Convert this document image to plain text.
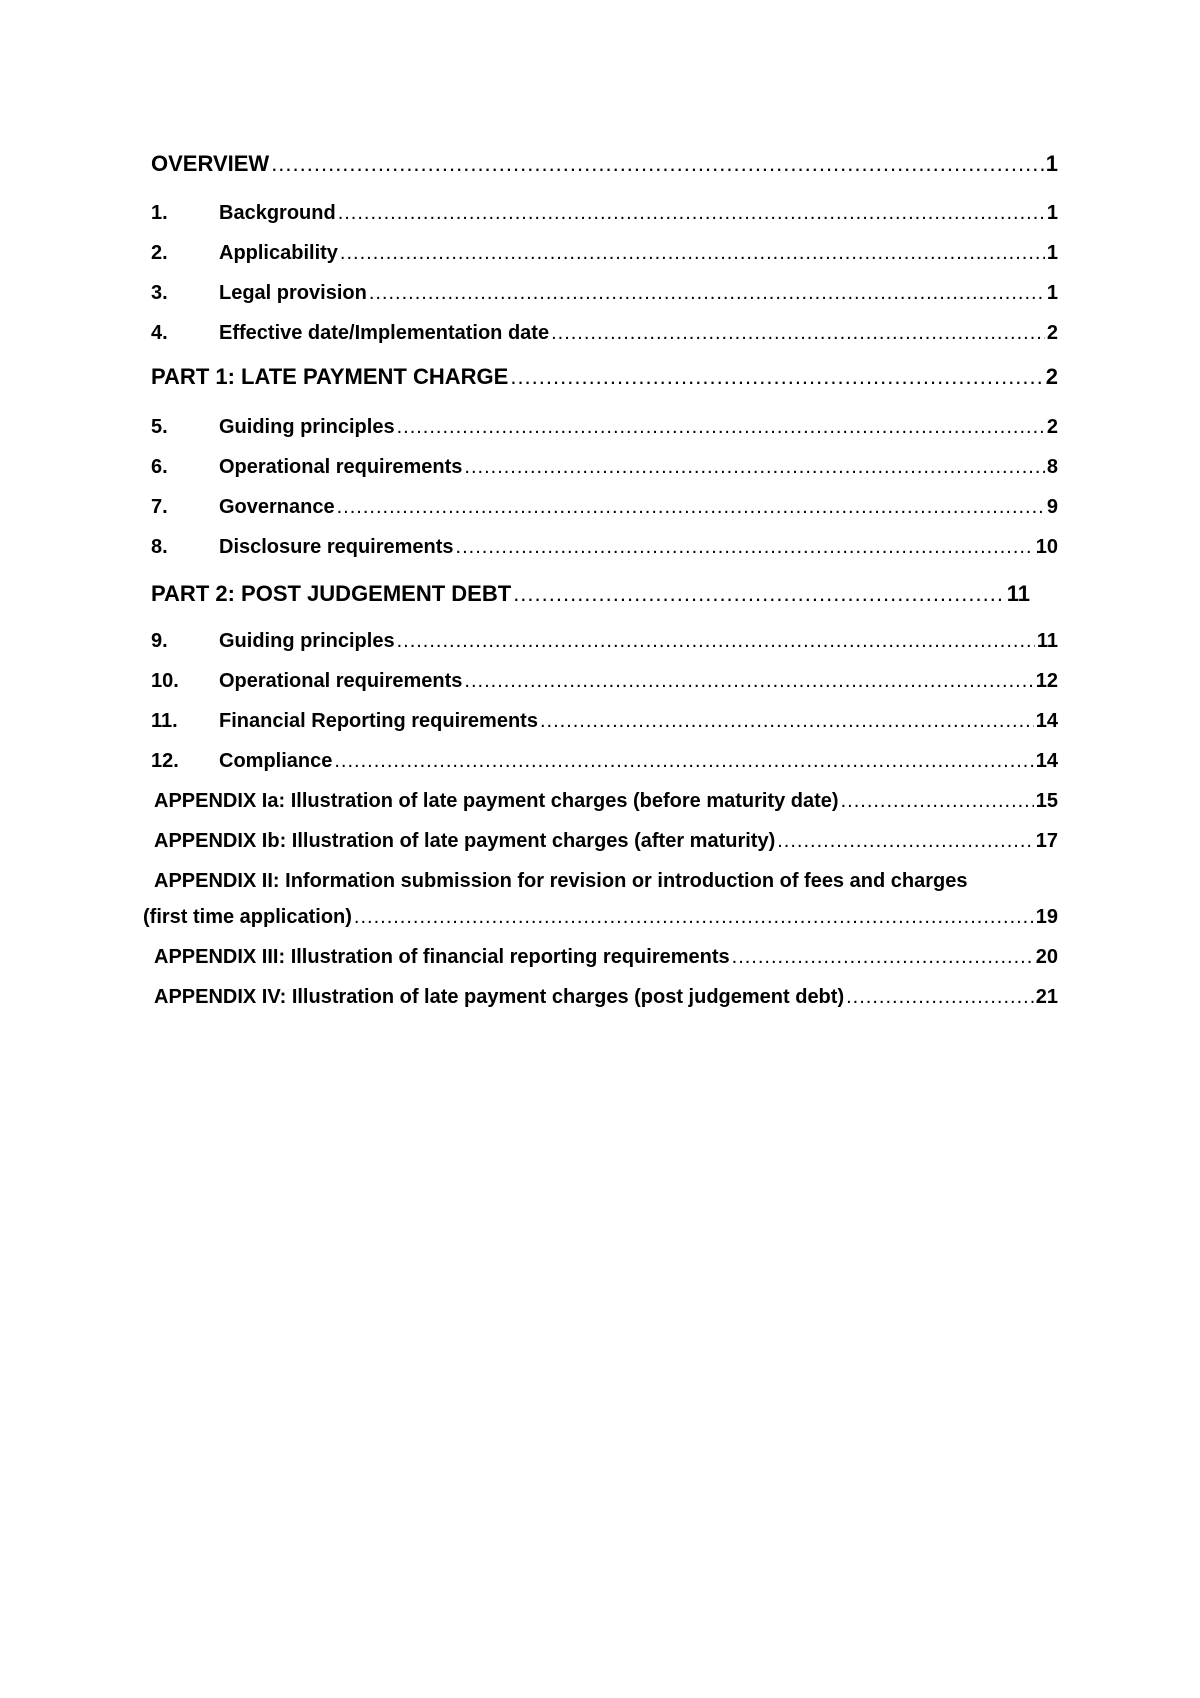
OVERVIEW .....	1
1.	Background .....	1
2.	Applicability .....	1
3.	Legal provision .....	1
4.	Effective date/Implementation date .....	2
PART 1: LATE PAYMENT CHARGE .....	2
5.	Guiding principles .....	2
6.	Operational requirements .....	8
7.	Governance .....	9
8.	Disclosure requirements .....	10
PART 2: POST JUDGEMENT DEBT .....	11
9.	Guiding principles .....	11
10.	Operational requirements .....	12
11.	Financial Reporting requirements .....	14
12.	Compliance .....	14
APPENDIX Ia: Illustration of late payment charges (before maturity date) .....	15
APPENDIX Ib: Illustration of late payment charges (after maturity) .....	17
APPENDIX II: Information submission for revision or introduction of fees and charges
(first time application) .....	19
APPENDIX III: Illustration of financial reporting requirements .....	20
APPENDIX IV: Illustration of late payment charges (post judgement debt) .....	21
